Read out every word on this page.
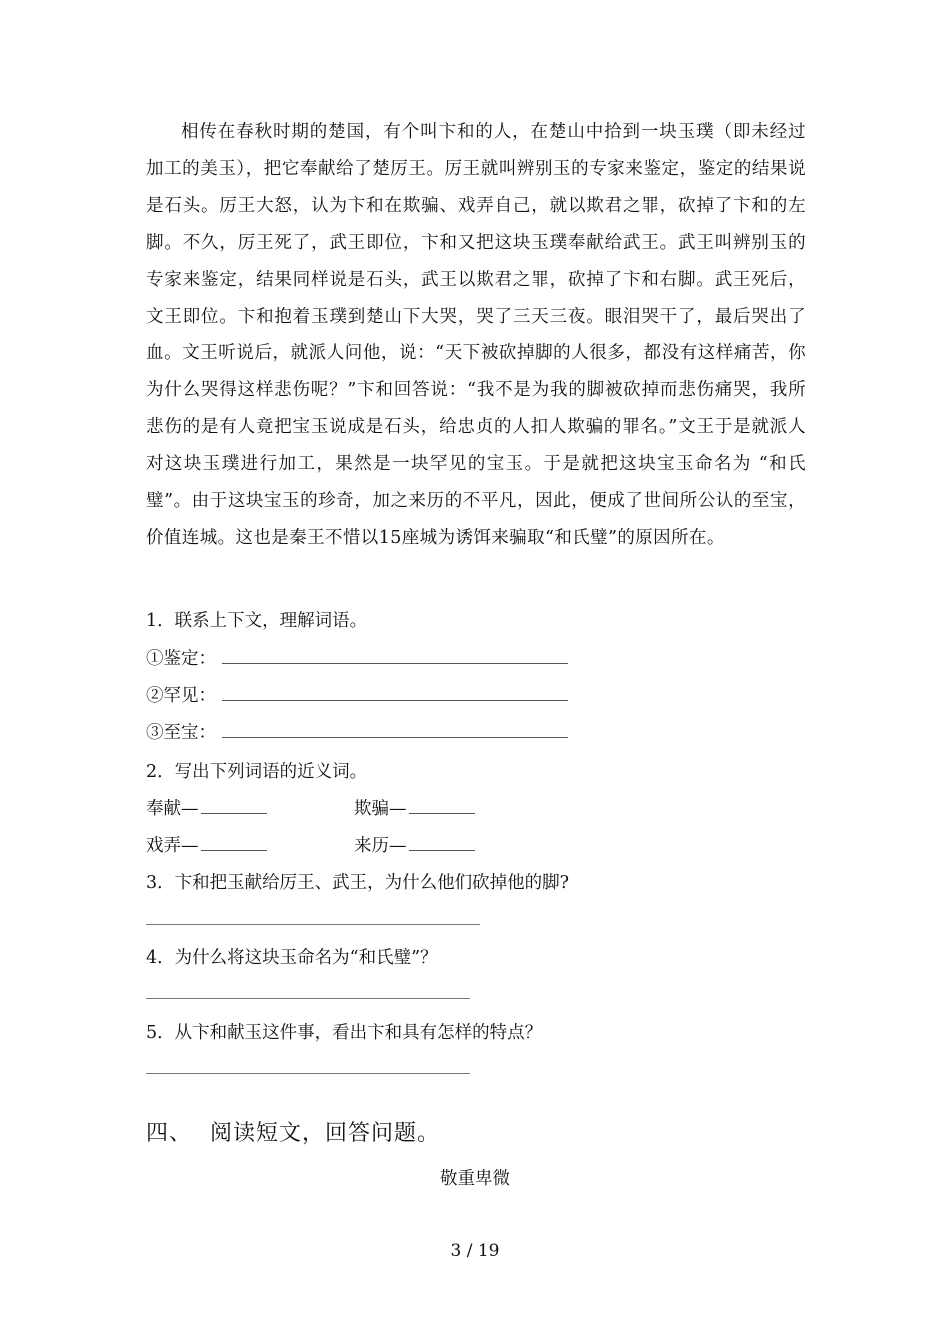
相传在春秋时期的楚国，有个叫卞和的人，在楚山中拾到一块玉璞（即未经过加工的美玉），把它奉献给了楚厉王。厉王就叫辨别玉的专家来鉴定，鉴定的结果说是石头。厉王大怒，认为卞和在欺骗、戏弄自己，就以欺君之罪，砍掉了卞和的左脚。不久，厉王死了，武王即位，卞和又把这块玉璞奉献给武王。武王叫辨别玉的专家来鉴定，结果同样说是石头，武王以欺君之罪，砍掉了卞和右脚。武王死后，文王即位。卞和抱着玉璞到楚山下大哭，哭了三天三夜。眼泪哭干了，最后哭出了血。文王听说后，就派人问他，说：“天下被砍掉脚的人很多，都没有这样痛苦，你为什么哭得这样悲伤呢？”卞和回答说：“我不是为我的脚被砍掉而悲伤痛哭，我所悲伤的是有人竟把宝玉说成是石头，给忠贞的人扣人欺骗的罪名。”文王于是就派人对这块玉璞进行加工，果然是一块罕见的宝玉。于是就把这块宝玉命名为 “和氏璧”。由于这块宝玉的珍奇，加之来历的不平凡，因此，便成了世间所公认的至宝，价值连城。这也是秦王不惜以15座城为诱饵来骗取“和氏璧”的原因所在。

1．联系上下文，理解词语。
①鉴定：
②罕见：
③至宝：
2．写出下列词语的近义词。
奉献—	欺骗—
戏弄—	来历—
3．卞和把玉献给厉王、武王，为什么他们砍掉他的脚?
4．为什么将这块玉命名为“和氏璧”？
5．从卞和献玉这件事，看出卞和具有怎样的特点？
四、 阅读短文，回答问题。
敬重卑微
3 / 19
